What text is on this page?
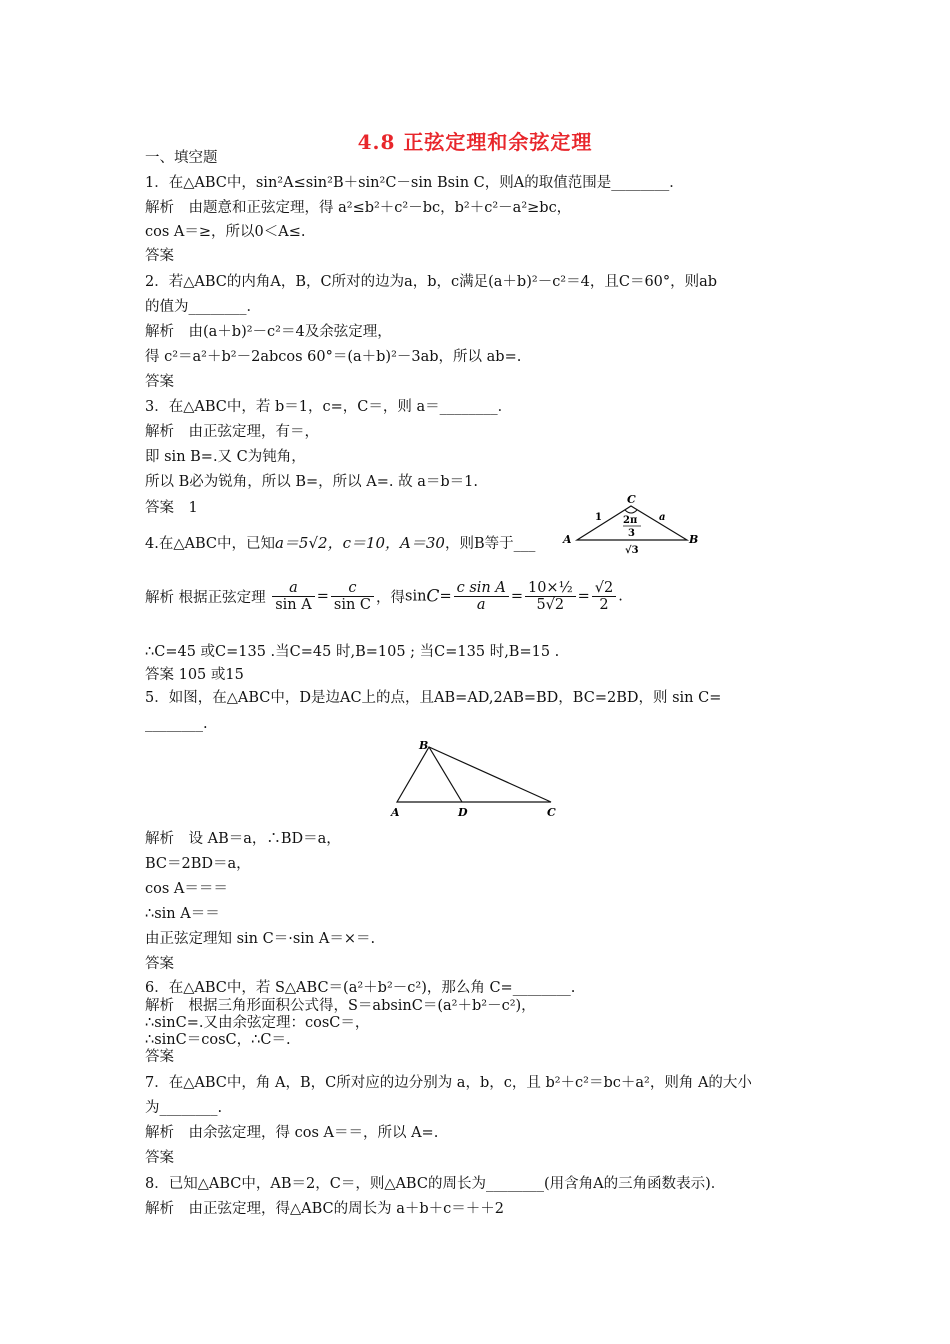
4.8 正弦定理和余弦定理
一、填空题
1．在△ABC中，sin²A≤sin²B＋sin²C－sin Bsin C，则A的取值范围是________．
解析　由题意和正弦定理，得 a²≤b²＋c²－bc，b²＋c²－a²≥bc，
cos A＝≥，所以0＜A≤.
答案
2．若△ABC的内角A，B，C所对的边为a，b，c满足(a＋b)²－c²＝4，且C＝60°，则ab
的值为________．
解析　由(a＋b)²－c²＝4及余弦定理，
得 c²＝a²＋b²－2abcos 60°＝(a＋b)²－3ab，所以 ab=.
答案
3．在△ABC中，若 b＝1，c=，C＝，则 a＝________．
解析　由正弦定理，有＝，
即 sin B=.又 C为钝角，
所以 B必为锐角，所以 B=，所以 A=. 故 a＝b＝1.
答案　1
C
A	B
1	a
√3
2π
3
4.在△ABC中，已知a＝5√2，c＝10，A＝30，则B等于___
解析 根据正弦定理 $\frac{a}{\text{sin A}} = \frac{c}{\text{sin C}}$ ，得$\sin C= \frac{\text{c sin A}}{a} = \frac{\text{10×½}}{5√2} = \frac{√2}{2}$ .
∴C=45 或C=135 .当C=45 时,B=105 ; 当C=135 时,B=15 .
答案 105 或15
5．如图，在△ABC中，D是边AC上的点，且AB=AD,2AB=BD，BC=2BD，则 sin C=
________.
B
A	D	C
解析　设 AB＝a，∴BD＝a，
BC＝2BD＝a，
cos A＝＝＝
∴sin A＝＝
由正弦定理知 sin C＝·sin A＝×＝.
答案
6．在△ABC中，若 S△ABC＝(a²＋b²－c²)，那么角 C=________.
解析　根据三角形面积公式得，S＝absinC＝(a²＋b²－c²)，
∴sinC=.又由余弦定理：cosC＝，
∴sinC＝cosC，∴C＝.
答案
7．在△ABC中，角 A，B，C所对应的边分别为 a，b，c，且 b²＋c²＝bc＋a²，则角 A的大小
为________.
解析　由余弦定理，得 cos A＝＝，所以 A=.
答案
8．已知△ABC中，AB＝2，C＝，则△ABC的周长为________(用含角A的三角函数表示)．
解析　由正弦定理，得△ABC的周长为 a＋b＋c＝＋＋2
